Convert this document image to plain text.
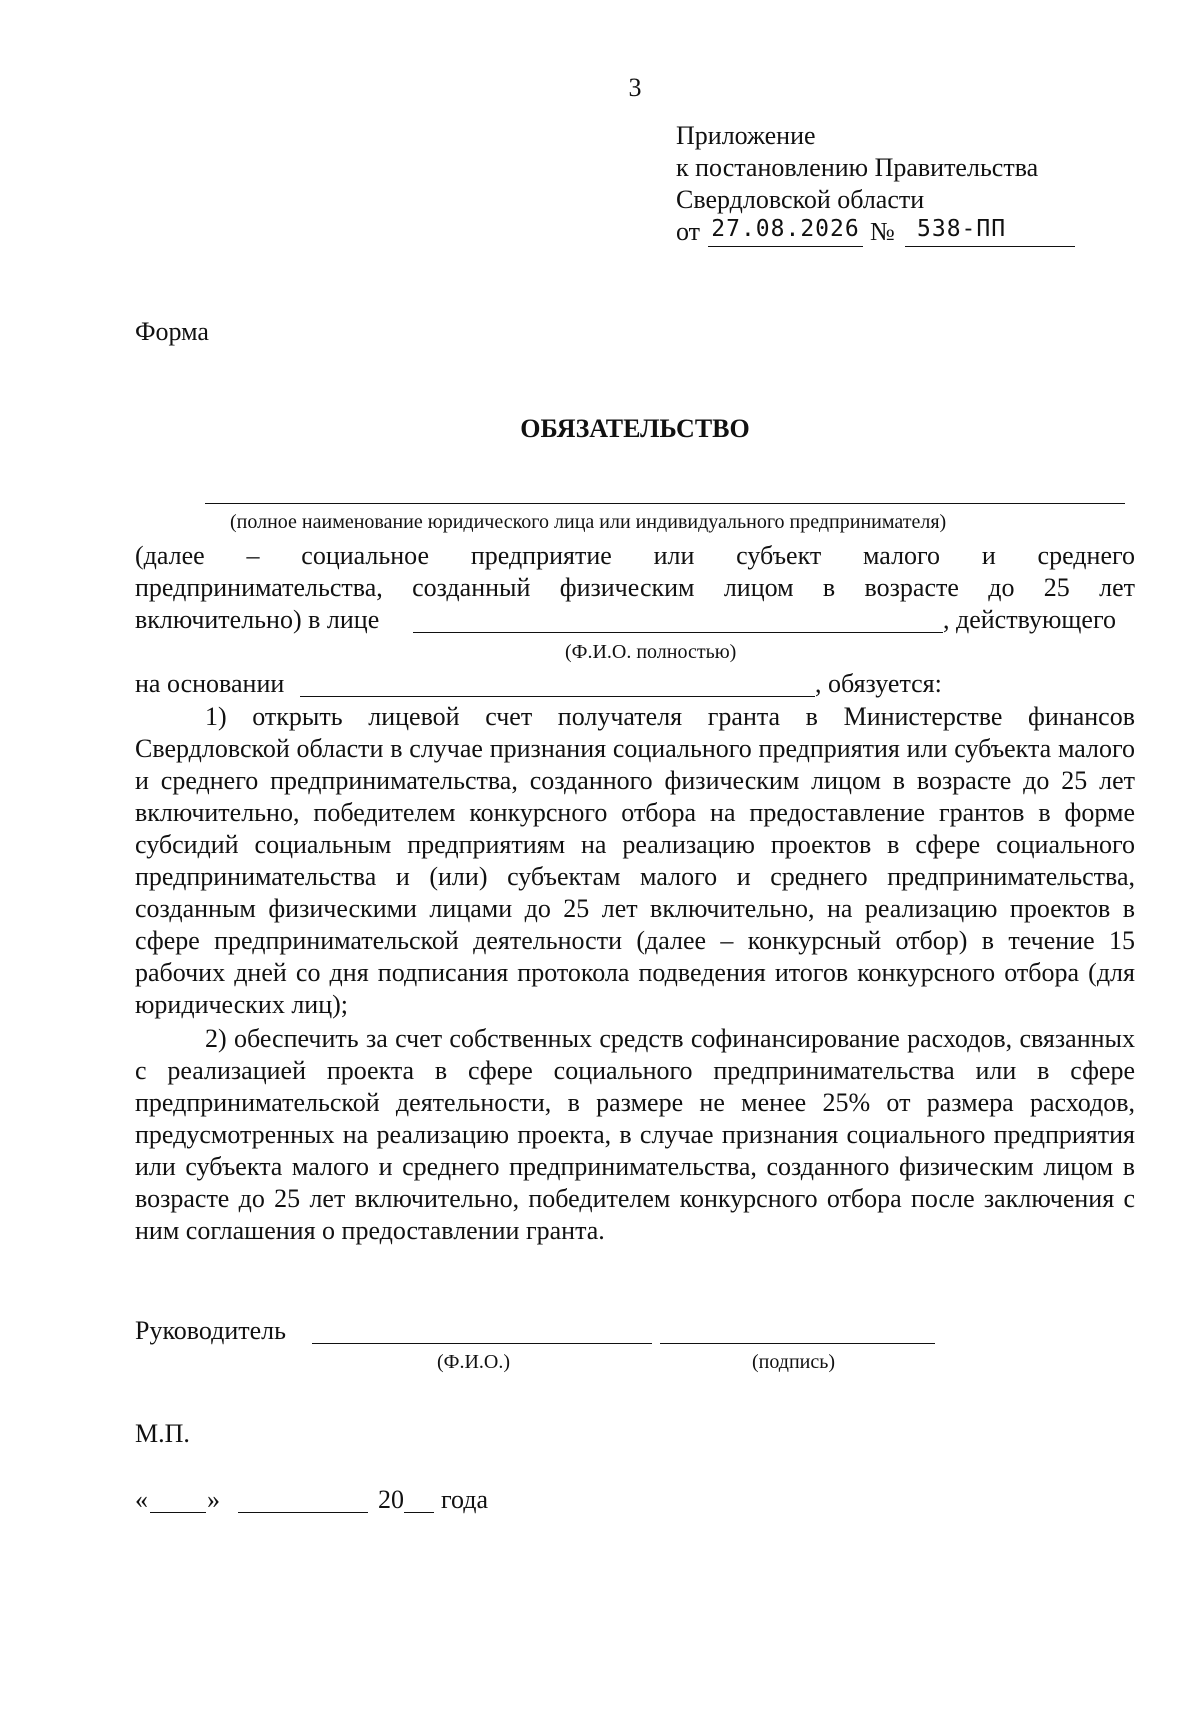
3
Приложение
к постановлению Правительства
Свердловской области
от 27.08.2026 № 538-ПП
Форма
ОБЯЗАТЕЛЬСТВО
(полное наименование юридического лица или индивидуального предпринимателя)
(далее – социальное предприятие или субъект малого и среднего
предпринимательства, созданный физическим лицом в возрасте до 25 лет
включительно) в лице	, действующего
(Ф.И.О. полностью)
на основании	, обязуется:
1) открыть лицевой счет получателя гранта в Министерстве финансов Свердловской области в случае признания социального предприятия или субъекта малого и среднего предпринимательства, созданного физическим лицом в возрасте до 25 лет включительно, победителем конкурсного отбора на предоставление грантов в форме субсидий социальным предприятиям на реализацию проектов в сфере социального предпринимательства и (или) субъектам малого и среднего предпринимательства, созданным физическими лицами до 25 лет включительно, на реализацию проектов в сфере предпринимательской деятельности (далее – конкурсный отбор) в течение 15 рабочих дней со дня подписания протокола подведения итогов конкурсного отбора (для юридических лиц);
2) обеспечить за счет собственных средств софинансирование расходов, связанных с реализацией проекта в сфере социального предпринимательства или в сфере предпринимательской деятельности, в размере не менее 25% от размера расходов, предусмотренных на реализацию проекта, в случае признания социального предприятия или субъекта малого и среднего предпринимательства, созданного физическим лицом в возрасте до 25 лет включительно, победителем конкурсного отбора после заключения с ним соглашения о предоставлении гранта.
Руководитель
(Ф.И.О.)	(подпись)
М.П.
« »	20 года
